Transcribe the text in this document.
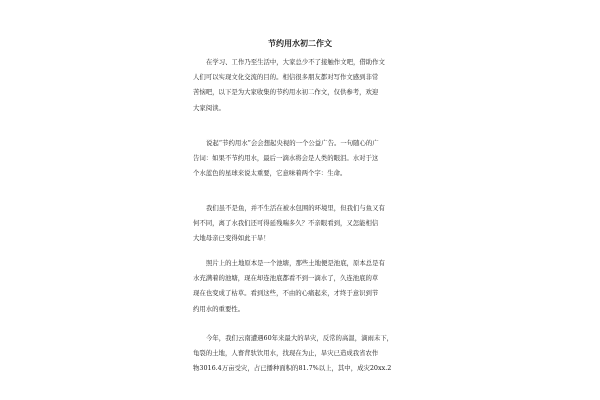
节约用水初二作文

在学习、工作乃至生活中，大家总少不了接触作文吧，借助作文
人们可以实现文化交流的目的。相信很多朋友都对写作文感到非常
苦恼吧，以下是为大家收集的节约用水初二作文，仅供参考，欢迎
大家阅读。

说起“节约用水”会会想起央视的一个公益广告。一句随心的广
告词：如果不节约用水，最后一滴水将会是人类的眼泪。水对于这
个水蓝色的星球来说太重要，它意味着两个字：生命。

我们虽不是鱼，并不生活在被水包围的环境里，但我们与鱼又有
何不同，离了水我们还可得延残喘多久？不亲眼看到，又怎能相信
大地母亲已变得如此干旱！

照片上的土地原本是一个池塘，那些土地便是池底，原本总是有
水充满着的池塘，现在却连池底都看不到一滴水了，久连池底的草
现在也变成了枯草。看到这些，不由的心痛起来，才终于意识到节
约用水的重要性。

今年，我们云南遭遇60年来最大的旱灾，反常的高温，滴雨未下，
龟裂的土地，人畜背驮饮用水，找现在为止，旱灾已造成我省农作
物3016.4万亩受灾，占已播种面积的81.7%以上，其中，成灾20xx.2
